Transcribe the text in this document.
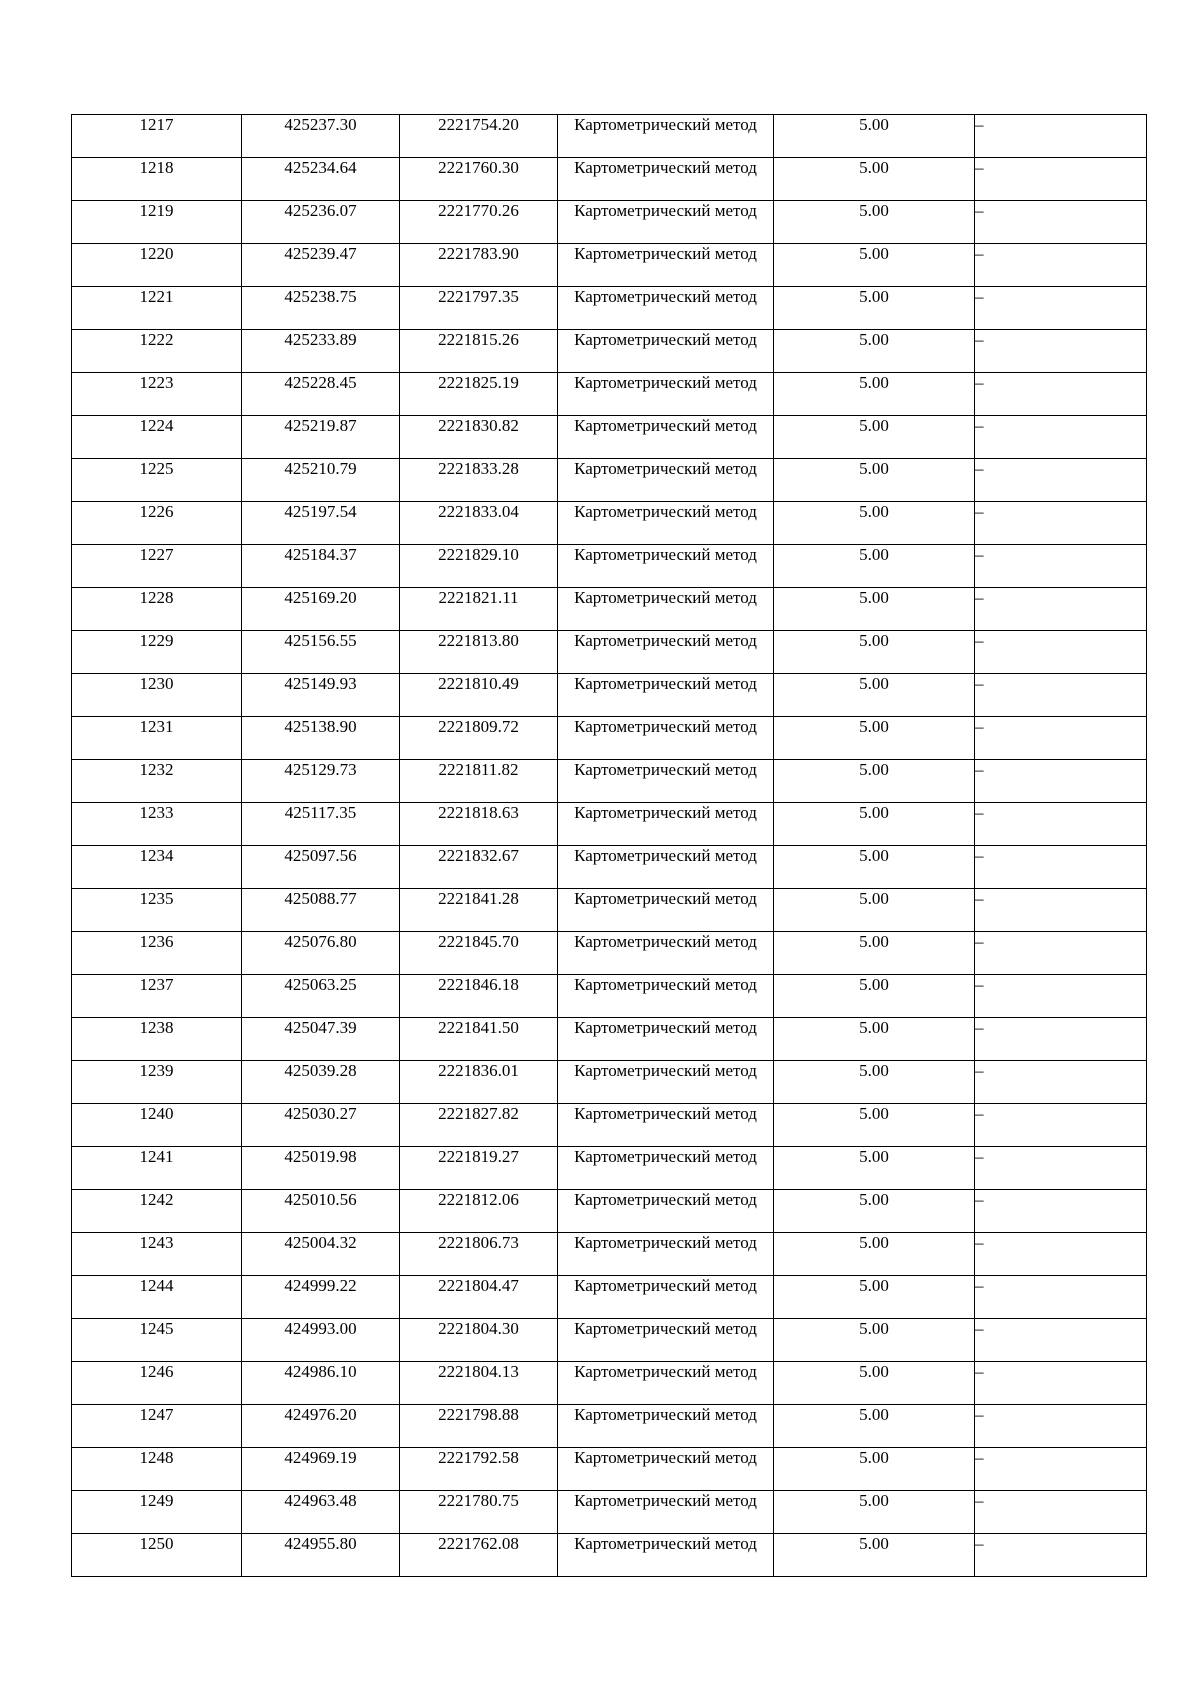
1217	425237.30	2221754.20	Картометрический метод	5.00	–

1218	425234.64	2221760.30	Картометрический метод	5.00	–

1219	425236.07	2221770.26	Картометрический метод	5.00	–

1220	425239.47	2221783.90	Картометрический метод	5.00	–

1221	425238.75	2221797.35	Картометрический метод	5.00	–

1222	425233.89	2221815.26	Картометрический метод	5.00	–

1223	425228.45	2221825.19	Картометрический метод	5.00	–

1224	425219.87	2221830.82	Картометрический метод	5.00	–

1225	425210.79	2221833.28	Картометрический метод	5.00	–

1226	425197.54	2221833.04	Картометрический метод	5.00	–

1227	425184.37	2221829.10	Картометрический метод	5.00	–

1228	425169.20	2221821.11	Картометрический метод	5.00	–

1229	425156.55	2221813.80	Картометрический метод	5.00	–

1230	425149.93	2221810.49	Картометрический метод	5.00	–

1231	425138.90	2221809.72	Картометрический метод	5.00	–

1232	425129.73	2221811.82	Картометрический метод	5.00	–

1233	425117.35	2221818.63	Картометрический метод	5.00	–

1234	425097.56	2221832.67	Картометрический метод	5.00	–

1235	425088.77	2221841.28	Картометрический метод	5.00	–

1236	425076.80	2221845.70	Картометрический метод	5.00	–

1237	425063.25	2221846.18	Картометрический метод	5.00	–

1238	425047.39	2221841.50	Картометрический метод	5.00	–

1239	425039.28	2221836.01	Картометрический метод	5.00	–

1240	425030.27	2221827.82	Картометрический метод	5.00	–

1241	425019.98	2221819.27	Картометрический метод	5.00	–

1242	425010.56	2221812.06	Картометрический метод	5.00	–

1243	425004.32	2221806.73	Картометрический метод	5.00	–

1244	424999.22	2221804.47	Картометрический метод	5.00	–

1245	424993.00	2221804.30	Картометрический метод	5.00	–

1246	424986.10	2221804.13	Картометрический метод	5.00	–

1247	424976.20	2221798.88	Картометрический метод	5.00	–

1248	424969.19	2221792.58	Картометрический метод	5.00	–

1249	424963.48	2221780.75	Картометрический метод	5.00	–

1250	424955.80	2221762.08	Картометрический метод	5.00	–
